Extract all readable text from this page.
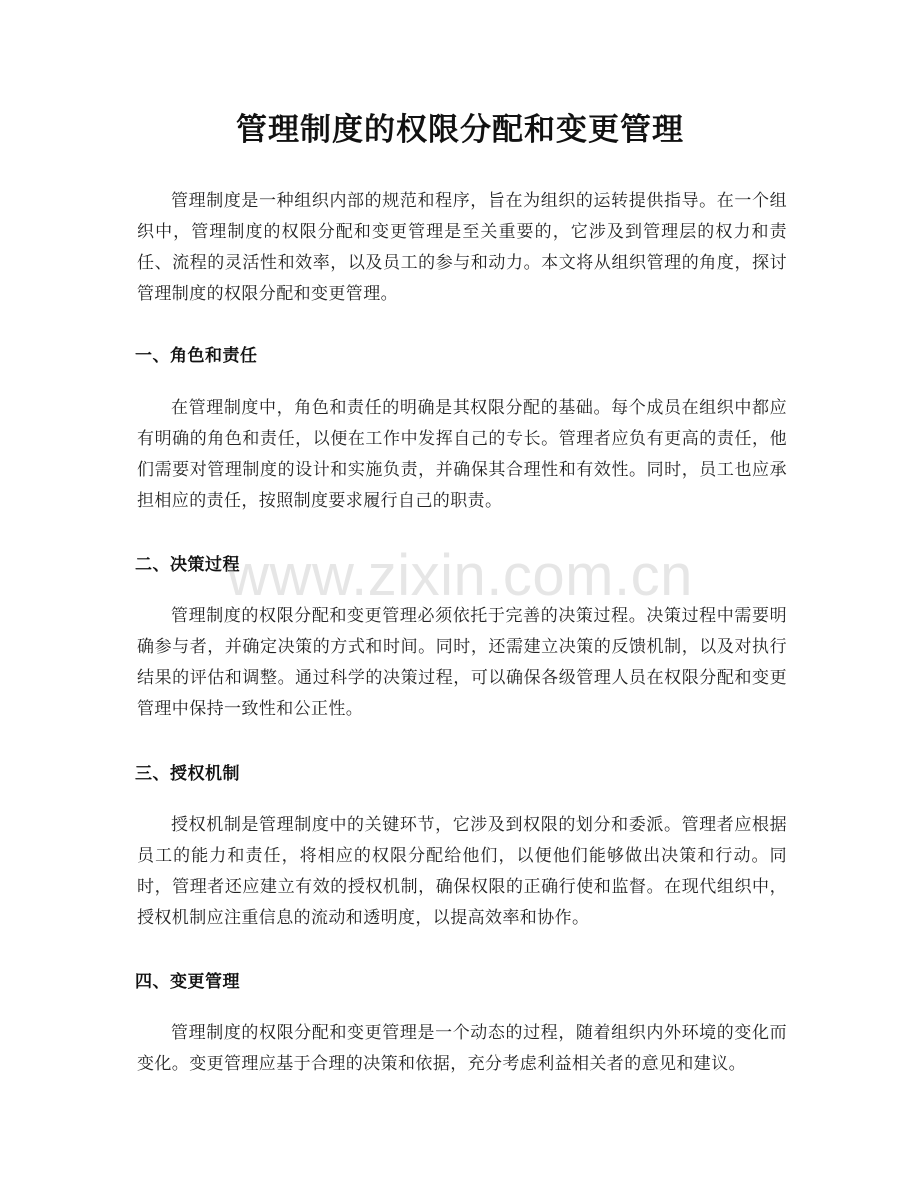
管理制度的权限分配和变更管理

管理制度是一种组织内部的规范和程序，旨在为组织的运转提供指导。在一个组织中，管理制度的权限分配和变更管理是至关重要的，它涉及到管理层的权力和责任、流程的灵活性和效率，以及员工的参与和动力。本文将从组织管理的角度，探讨管理制度的权限分配和变更管理。

一、角色和责任

在管理制度中，角色和责任的明确是其权限分配的基础。每个成员在组织中都应有明确的角色和责任，以便在工作中发挥自己的专长。管理者应负有更高的责任，他们需要对管理制度的设计和实施负责，并确保其合理性和有效性。同时，员工也应承担相应的责任，按照制度要求履行自己的职责。

二、决策过程

管理制度的权限分配和变更管理必须依托于完善的决策过程。决策过程中需要明确参与者，并确定决策的方式和时间。同时，还需建立决策的反馈机制，以及对执行结果的评估和调整。通过科学的决策过程，可以确保各级管理人员在权限分配和变更管理中保持一致性和公正性。

三、授权机制

授权机制是管理制度中的关键环节，它涉及到权限的划分和委派。管理者应根据员工的能力和责任，将相应的权限分配给他们，以便他们能够做出决策和行动。同时，管理者还应建立有效的授权机制，确保权限的正确行使和监督。在现代组织中，授权机制应注重信息的流动和透明度，以提高效率和协作。

四、变更管理

管理制度的权限分配和变更管理是一个动态的过程，随着组织内外环境的变化而变化。变更管理应基于合理的决策和依据，充分考虑利益相关者的意见和建议。

www.zixin.com.cn
